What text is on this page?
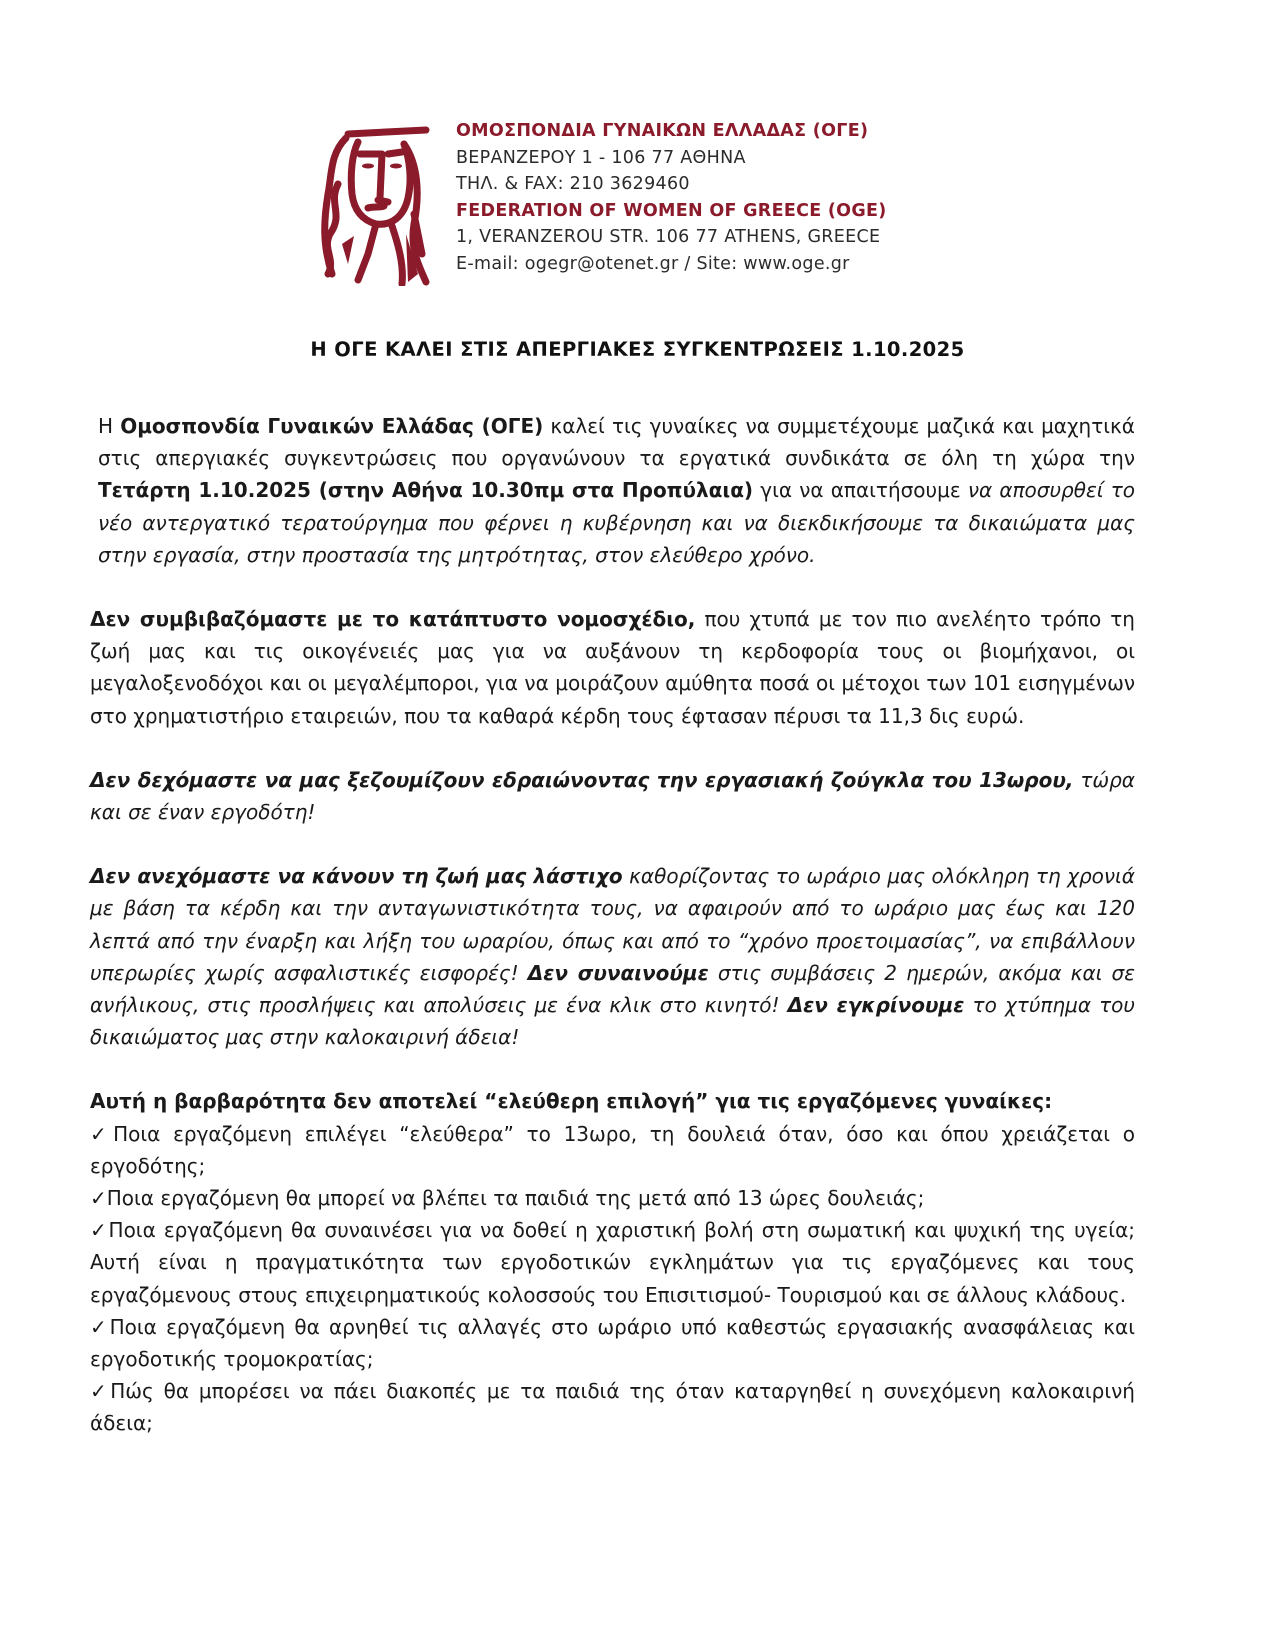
ΟΜΟΣΠΟΝΔΙΑ ΓΥΝΑΙΚΩΝ ΕΛΛΑΔΑΣ (ΟΓΕ)
ΒΕΡΑΝΖΕΡΟΥ 1 - 106 77 ΑΘΗΝΑ
ΤΗΛ. & FAX: 210 3629460
FEDERATION OF WOMEN OF GREECE (OGE)
1, VERANZEROU STR. 106 77 ATHENS, GREECE
E-mail: ogegr@otenet.gr / Site: www.oge.gr
Η ΟΓΕ ΚΑΛΕΙ ΣΤΙΣ ΑΠΕΡΓΙΑΚΕΣ ΣΥΓΚΕΝΤΡΩΣΕΙΣ 1.10.2025

Η Ομοσπονδία Γυναικών Ελλάδας (ΟΓΕ) καλεί τις γυναίκες να συμμετέχουμε μαζικά και μαχητικά στις απεργιακές συγκεντρώσεις που οργανώνουν τα εργατικά συνδικάτα σε όλη τη χώρα την Τετάρτη 1.10.2025 (στην Αθήνα 10.30πμ στα Προπύλαια) για να απαιτήσουμε να αποσυρθεί το νέο αντεργατικό τερατούργημα που φέρνει η κυβέρνηση και να διεκδικήσουμε τα δικαιώματα μας στην εργασία, στην προστασία της μητρότητας, στον ελεύθερο χρόνο.

Δεν συμβιβαζόμαστε με το κατάπτυστο νομοσχέδιο, που χτυπά με τον πιο ανελέητο τρόπο τη ζωή μας και τις οικογένειές μας για να αυξάνουν τη κερδοφορία τους οι βιομήχανοι, οι μεγαλοξενοδόχοι και οι μεγαλέμποροι, για να μοιράζουν αμύθητα ποσά οι μέτοχοι των 101 εισηγμένων στο χρηματιστήριο εταιρειών, που τα καθαρά κέρδη τους έφτασαν πέρυσι τα 11,3 δις ευρώ.

Δεν δεχόμαστε να μας ξεζουμίζουν εδραιώνοντας την εργασιακή ζούγκλα του 13ωρου, τώρα και σε έναν εργοδότη!

Δεν ανεχόμαστε να κάνουν τη ζωή μας λάστιχο καθορίζοντας το ωράριο μας ολόκληρη τη χρονιά με βάση τα κέρδη και την ανταγωνιστικότητα τους, να αφαιρούν από το ωράριο μας έως και 120 λεπτά από την έναρξη και λήξη του ωραρίου, όπως και από το “χρόνο προετοιμασίας”, να επιβάλλουν υπερωρίες χωρίς ασφαλιστικές εισφορές! Δεν συναινούμε στις συμβάσεις 2 ημερών, ακόμα και σε ανήλικους, στις προσλήψεις και απολύσεις με ένα κλικ στο κινητό! Δεν εγκρίνουμε το χτύπημα του δικαιώματος μας στην καλοκαιρινή άδεια!

Αυτή η βαρβαρότητα δεν αποτελεί “ελεύθερη επιλογή” για τις εργαζόμενες γυναίκες:

✓Ποια εργαζόμενη επιλέγει “ελεύθερα” το 13ωρο, τη δουλειά όταν, όσο και όπου χρειάζεται ο εργοδότης;
✓Ποια εργαζόμενη θα μπορεί να βλέπει τα παιδιά της μετά από 13 ώρες δουλειάς;
✓Ποια εργαζόμενη θα συναινέσει για να δοθεί η χαριστική βολή στη σωματική και ψυχική της υγεία; Αυτή είναι η πραγματικότητα των εργοδοτικών εγκλημάτων για τις εργαζόμενες και τους εργαζόμενους στους επιχειρηματικούς κολοσσούς του Επισιτισμού- Τουρισμού και σε άλλους κλάδους.
✓Ποια εργαζόμενη θα αρνηθεί τις αλλαγές στο ωράριο υπό καθεστώς εργασιακής ανασφάλειας και εργοδοτικής τρομοκρατίας;
✓Πώς θα μπορέσει να πάει διακοπές με τα παιδιά της όταν καταργηθεί η συνεχόμενη καλοκαιρινή άδεια;
